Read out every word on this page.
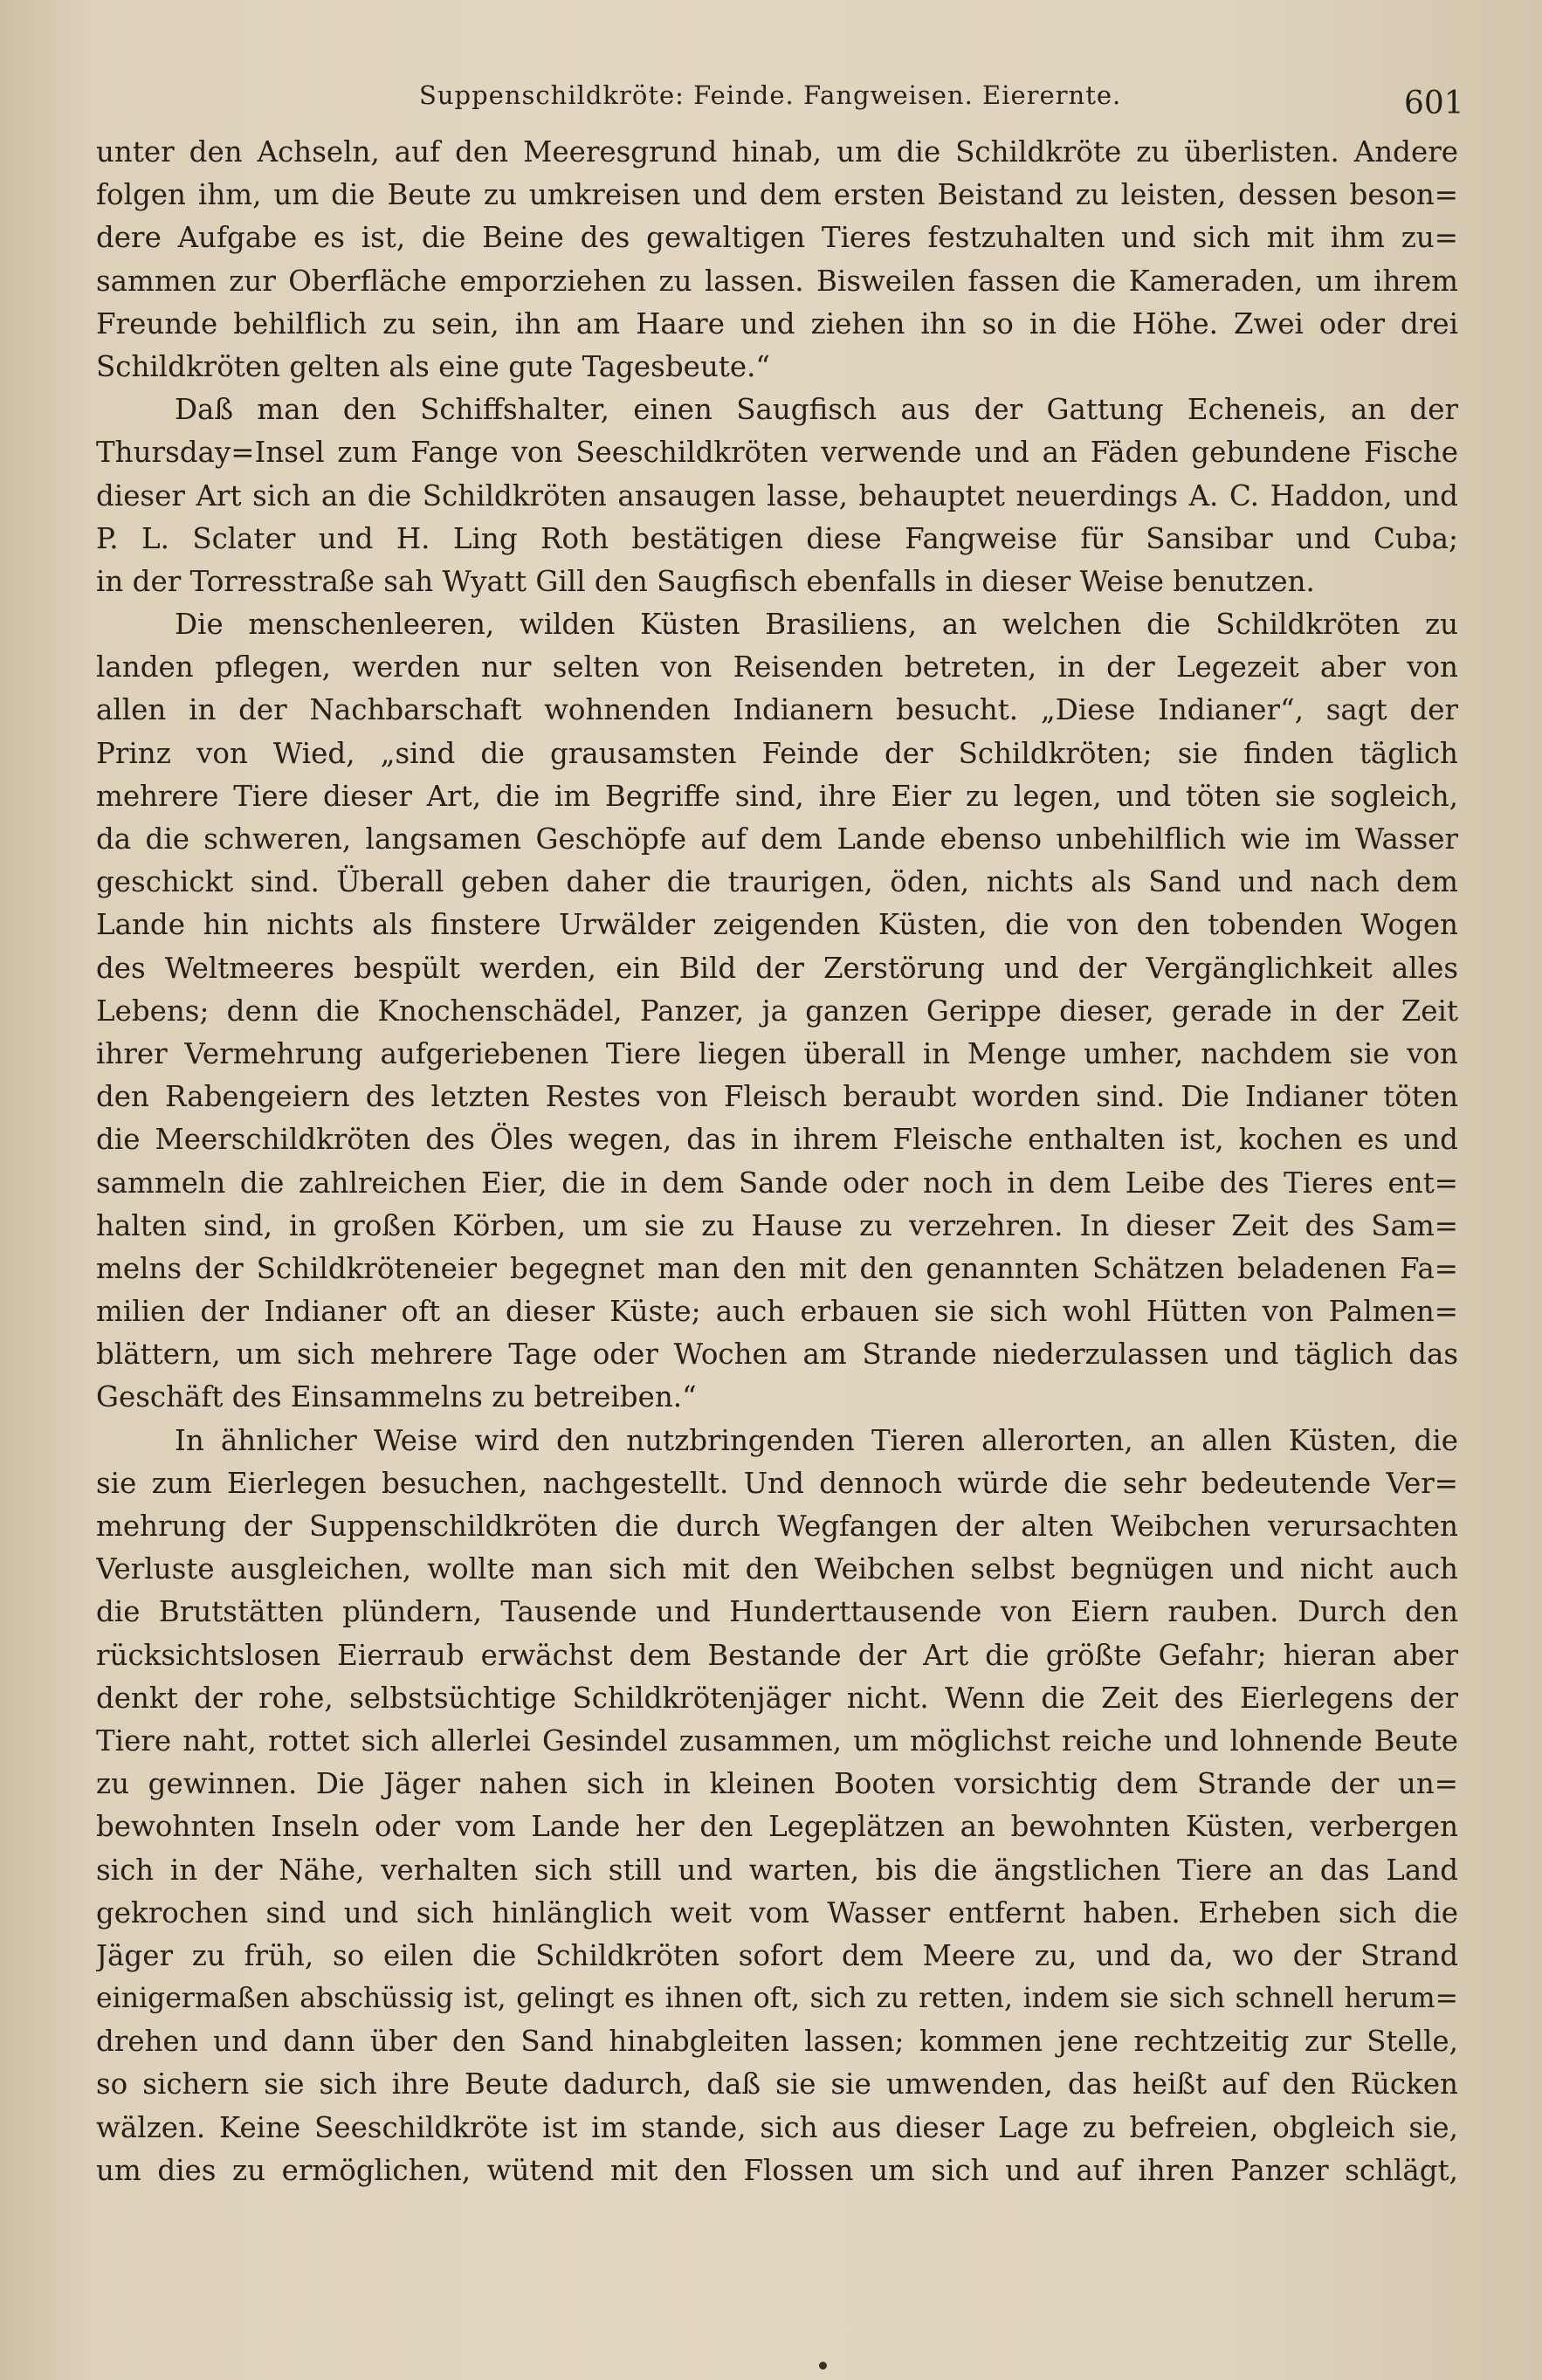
Suppenschildkröte: Feinde. Fangweisen. Eierernte.	601
unter den Achseln, auf den Meeresgrund hinab, um die Schildkröte zu überlisten. Andere
folgen ihm, um die Beute zu umkreisen und dem ersten Beistand zu leisten, dessen beson=
dere Aufgabe es ist, die Beine des gewaltigen Tieres festzuhalten und sich mit ihm zu=
sammen zur Oberfläche emporziehen zu lassen. Bisweilen fassen die Kameraden, um ihrem
Freunde behilflich zu sein, ihn am Haare und ziehen ihn so in die Höhe. Zwei oder drei
Schildkröten gelten als eine gute Tagesbeute.“
Daß man den Schiffshalter, einen Saugfisch aus der Gattung Echeneis, an der
Thursday=Insel zum Fange von Seeschildkröten verwende und an Fäden gebundene Fische
dieser Art sich an die Schildkröten ansaugen lasse, behauptet neuerdings A. C. Haddon, und
P. L. Sclater und H. Ling Roth bestätigen diese Fangweise für Sansibar und Cuba;
in der Torresstraße sah Wyatt Gill den Saugfisch ebenfalls in dieser Weise benutzen.
Die menschenleeren, wilden Küsten Brasiliens, an welchen die Schildkröten zu
landen pflegen, werden nur selten von Reisenden betreten, in der Legezeit aber von
allen in der Nachbarschaft wohnenden Indianern besucht. „Diese Indianer“, sagt der
Prinz von Wied, „sind die grausamsten Feinde der Schildkröten; sie finden täglich
mehrere Tiere dieser Art, die im Begriffe sind, ihre Eier zu legen, und töten sie sogleich,
da die schweren, langsamen Geschöpfe auf dem Lande ebenso unbehilflich wie im Wasser
geschickt sind. Überall geben daher die traurigen, öden, nichts als Sand und nach dem
Lande hin nichts als finstere Urwälder zeigenden Küsten, die von den tobenden Wogen
des Weltmeeres bespült werden, ein Bild der Zerstörung und der Vergänglichkeit alles
Lebens; denn die Knochenschädel, Panzer, ja ganzen Gerippe dieser, gerade in der Zeit
ihrer Vermehrung aufgeriebenen Tiere liegen überall in Menge umher, nachdem sie von
den Rabengeiern des letzten Restes von Fleisch beraubt worden sind. Die Indianer töten
die Meerschildkröten des Öles wegen, das in ihrem Fleische enthalten ist, kochen es und
sammeln die zahlreichen Eier, die in dem Sande oder noch in dem Leibe des Tieres ent=
halten sind, in großen Körben, um sie zu Hause zu verzehren. In dieser Zeit des Sam=
melns der Schildkröteneier begegnet man den mit den genannten Schätzen beladenen Fa=
milien der Indianer oft an dieser Küste; auch erbauen sie sich wohl Hütten von Palmen=
blättern, um sich mehrere Tage oder Wochen am Strande niederzulassen und täglich das
Geschäft des Einsammelns zu betreiben.“
In ähnlicher Weise wird den nutzbringenden Tieren allerorten, an allen Küsten, die
sie zum Eierlegen besuchen, nachgestellt. Und dennoch würde die sehr bedeutende Ver=
mehrung der Suppenschildkröten die durch Wegfangen der alten Weibchen verursachten
Verluste ausgleichen, wollte man sich mit den Weibchen selbst begnügen und nicht auch
die Brutstätten plündern, Tausende und Hunderttausende von Eiern rauben. Durch den
rücksichtslosen Eierraub erwächst dem Bestande der Art die größte Gefahr; hieran aber
denkt der rohe, selbstsüchtige Schildkrötenjäger nicht. Wenn die Zeit des Eierlegens der
Tiere naht, rottet sich allerlei Gesindel zusammen, um möglichst reiche und lohnende Beute
zu gewinnen. Die Jäger nahen sich in kleinen Booten vorsichtig dem Strande der un=
bewohnten Inseln oder vom Lande her den Legeplätzen an bewohnten Küsten, verbergen
sich in der Nähe, verhalten sich still und warten, bis die ängstlichen Tiere an das Land
gekrochen sind und sich hinlänglich weit vom Wasser entfernt haben. Erheben sich die
Jäger zu früh, so eilen die Schildkröten sofort dem Meere zu, und da, wo der Strand
einigermaßen abschüssig ist, gelingt es ihnen oft, sich zu retten, indem sie sich schnell herum=
drehen und dann über den Sand hinabgleiten lassen; kommen jene rechtzeitig zur Stelle,
so sichern sie sich ihre Beute dadurch, daß sie sie umwenden, das heißt auf den Rücken
wälzen. Keine Seeschildkröte ist im stande, sich aus dieser Lage zu befreien, obgleich sie,
um dies zu ermöglichen, wütend mit den Flossen um sich und auf ihren Panzer schlägt,
